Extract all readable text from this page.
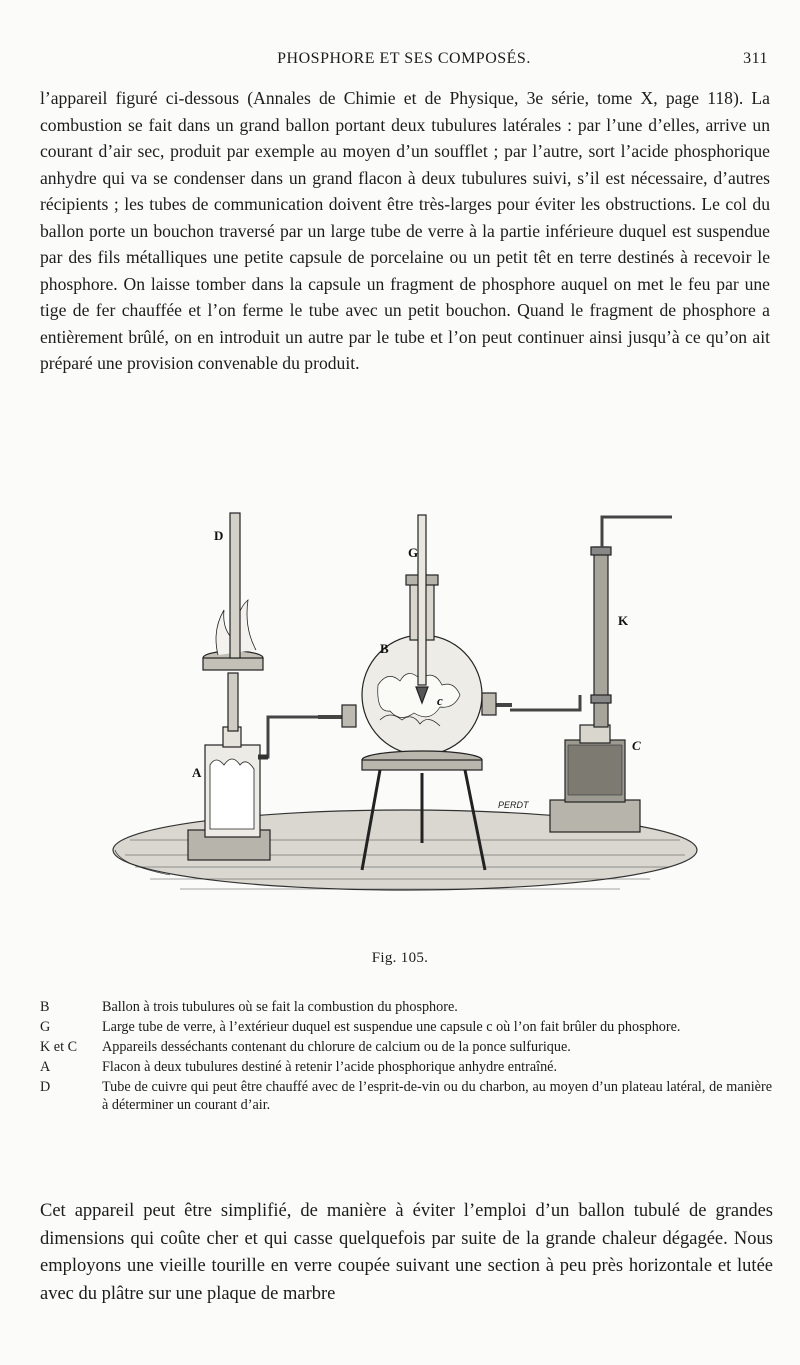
PHOSPHORE ET SES COMPOSÉS.	311
l’appareil figuré ci-dessous (Annales de Chimie et de Physique, 3e série, tome X, page 118). La combustion se fait dans un grand ballon portant deux tubulures latérales : par l’une d’elles, arrive un courant d’air sec, produit par exemple au moyen d’un soufflet ; par l’autre, sort l’acide phosphorique anhydre qui va se condenser dans un grand flacon à deux tubulures suivi, s’il est nécessaire, d’autres récipients ; les tubes de communication doivent être très-larges pour éviter les obstructions. Le col du ballon porte un bouchon traversé par un large tube de verre à la partie inférieure duquel est suspendue par des fils métalliques une petite capsule de porcelaine ou un petit têt en terre destinés à recevoir le phosphore. On laisse tomber dans la capsule un fragment de phosphore auquel on met le feu par une tige de fer chauffée et l’on ferme le tube avec un petit bouchon. Quand le fragment de phosphore a entièrement brûlé, on en introduit un autre par le tube et l’on peut continuer ainsi jusqu’à ce qu’on ait préparé une provision convenable du produit.
D
G
B
K
A
c
C
PERDT
Fig. 105.
B	Ballon à trois tubulures où se fait la combustion du phosphore.
G	Large tube de verre, à l’extérieur duquel est suspendue une capsule c où l’on fait brûler du phosphore.
K et C	Appareils desséchants contenant du chlorure de calcium ou de la ponce sulfurique.
A	Flacon à deux tubulures destiné à retenir l’acide phosphorique anhydre entraîné.
D	Tube de cuivre qui peut être chauffé avec de l’esprit-de-vin ou du charbon, au moyen d’un plateau latéral, de manière à déterminer un courant d’air.
Cet appareil peut être simplifié, de manière à éviter l’emploi d’un ballon tubulé de grandes dimensions qui coûte cher et qui casse quelquefois par suite de la grande chaleur dégagée. Nous employons une vieille tourille en verre coupée suivant une section à peu près horizontale et lutée avec du plâtre sur une plaque de marbre
